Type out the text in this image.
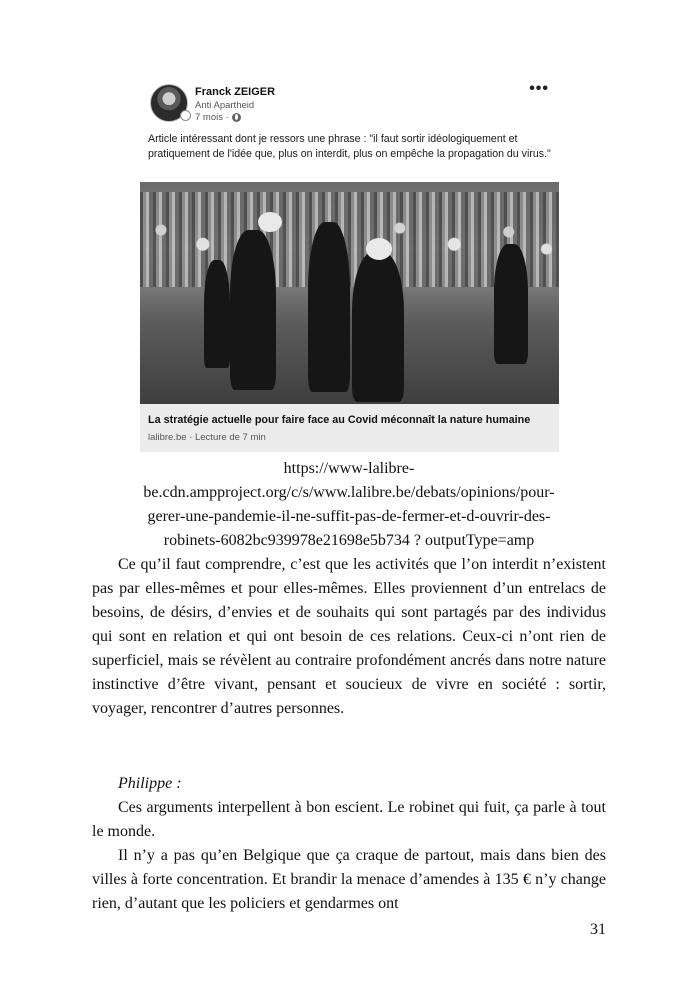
Franck ZEIGER
Anti Apartheid
7 mois ·
•••
Article intéressant dont je ressors une phrase : "il faut sortir idéologiquement et pratiquement de l'idée que, plus on interdit, plus on empêche la propagation du virus."
La stratégie actuelle pour faire face au Covid méconnaît la nature humaine
lalibre.be · Lecture de 7 min
https://www-lalibre-
be.cdn.ampproject.org/c/s/www.lalibre.be/debats/opinions/pour-
gerer-une-pandemie-il-ne-suffit-pas-de-fermer-et-d-ouvrir-des-
robinets-6082bc939978e21698e5b734 ? outputType=amp
Ce qu’il faut comprendre, c’est que les activités que l’on interdit n’existent pas par elles-mêmes et pour elles-mêmes. Elles proviennent d’un entrelacs de besoins, de désirs, d’envies et de souhaits qui sont partagés par des individus qui sont en relation et qui ont besoin de ces relations. Ceux-ci n’ont rien de superficiel, mais se révèlent au contraire profondément ancrés dans notre nature instinctive d’être vivant, pensant et soucieux de vivre en société : sortir, voyager, rencontrer d’autres personnes.
Philippe :
Ces arguments interpellent à bon escient. Le robinet qui fuit, ça parle à tout le monde.
Il n’y a pas qu’en Belgique que ça craque de partout, mais dans bien des villes à forte concentration. Et brandir la menace d’amendes à 135 € n’y change rien, d’autant que les policiers et gendarmes ont
31
